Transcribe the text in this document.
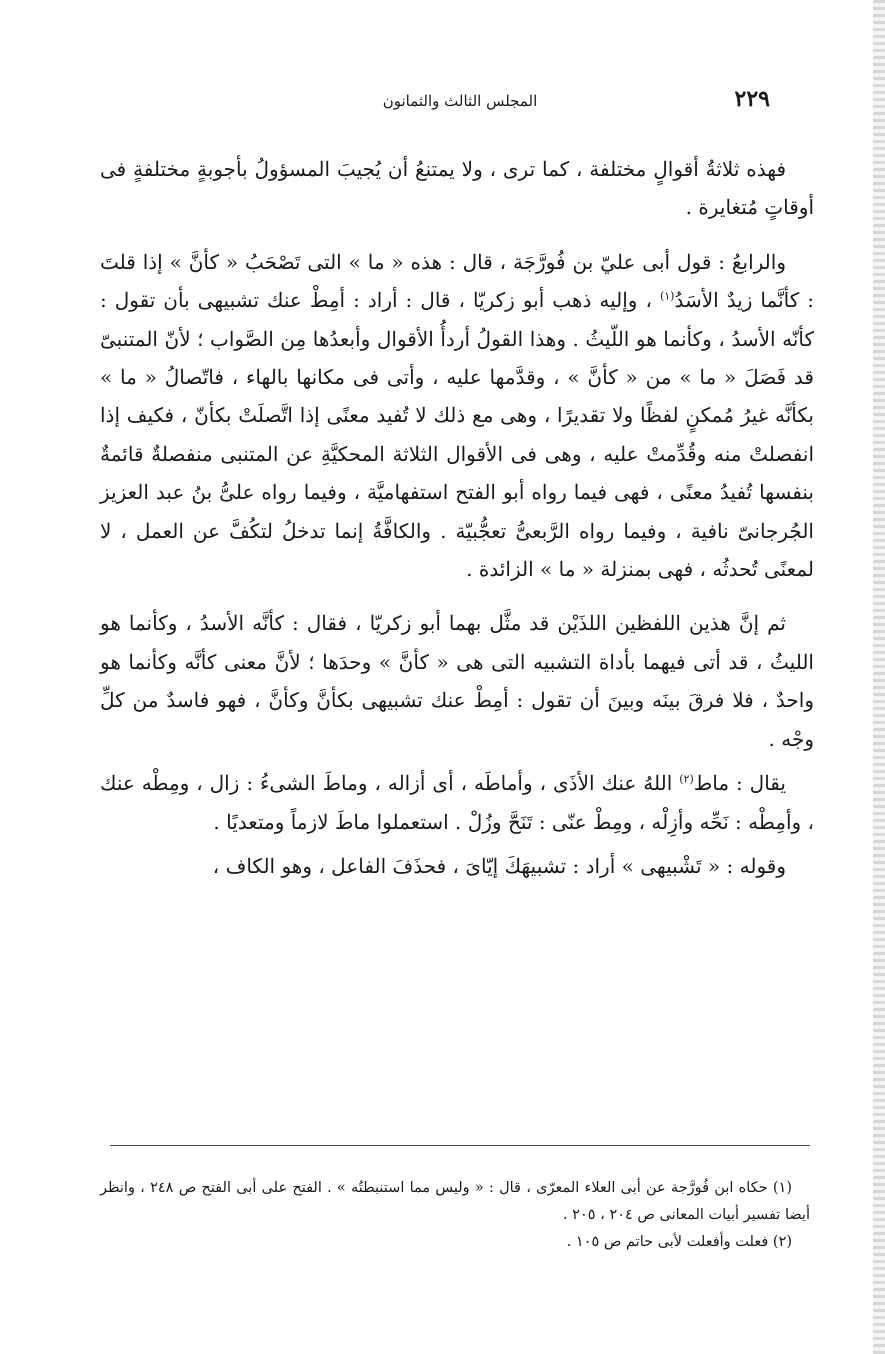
٢٢٩
المجلس الثالث والثمانون

فهذه ثلاثةُ أقوالٍ مختلفة ، كما ترى ، ولا يمتنعُ أن يُجيبَ المسؤولُ بأجوبةٍ مختلفةٍ فى أوقاتٍ مُتغايرة .

والرابعُ : قول أبى عليّ بن فُورَّجَة ، قال : هذه « ما » التى تَصْحَبُ « كأنَّ » إذا قلتَ : كأنَّما زيدٌ الأسَدُ$^{(١)}$ ، وإليه ذهب أبو زكريّا ، قال : أراد : أمِطْ عنك تشبيهى بأن تقول : كأنّه الأسدُ ، وكأنما هو اللّيثُ . وهذا القولُ أردأُ الأقوال وأبعدُها مِن الصَّواب ؛ لأنّ المتنبىّ قد فَصَلَ « ما » من « كأنَّ » ، وقدَّمها عليه ، وأتى فى مكانها بالهاء ، فاتّصالُ « ما » بكأنَّه غيرُ مُمكنٍ لفظًا ولا تقديرًا ، وهى مع ذلك لا تُفيد معنًى إذا اتَّصلَتْ بكأنّ ، فكيف إذا انفصلتْ منه وقُدِّمتْ عليه ، وهى فى الأقوال الثلاثة المحكيَّةِ عن المتنبى منفصلةٌ قائمةٌ بنفسها تُفيدُ معنًى ، فهى فيما رواه أبو الفتح استفهاميَّة ، وفيما رواه علىُّ بنُ عبد العزيز الجُرجانىّ نافية ، وفيما رواه الرَّبعىُّ تعجُّبيّة . والكافَّةُ إنما تدخلُ لتكُفَّ عن العمل ، لا لمعنًى تُحدثُه ، فهى بمنزلة « ما » الزائدة .

ثم إنَّ هذين اللفظين اللذَيْن قد مثَّل بهما أبو زكريّا ، فقال : كأنَّه الأسدُ ، وكأنما هو الليثُ ، قد أتى فيهما بأداة التشبيه التى هى « كأنَّ » وحدَها ؛ لأنَّ معنى كأنَّه وكأنما هو واحدٌ ، فلا فرقَ بينَه وبينَ أن تقول : أمِطْ عنك تشبيهى بكأنَّ وكأنَّ ، فهو فاسدٌ من كلِّ وجْه .

يقال : ماط$^{(٢)}$ اللهُ عنك الأذَى ، وأماطَه ، أى أزاله ، وماطَ الشىءُ : زال ، ومِطْه عنك ، وأمِطْه : نَحِّه وأزِلْه ، ومِطْ عنّى : تَنَحَّ وزُلْ . استعملوا ماطَ لازماً ومتعديًا .

وقوله : « تَشْبيهى » أراد : تشبيهَكَ إيّاىَ ، فحذَفَ الفاعل ، وهو الكاف ،

(١) حكاه ابن فُورَّجة عن أبى العلاء المعرّى ، قال : « وليس مما استنبطتُه » . الفتح على أبى الفتح ص ٢٤٨ ، وانظر أيضا تفسير أبيات المعانى ص ٢٠٤ ، ٢٠٥ .

(٢) فعلت وأفعلت لأبى حاتم ص ١٠٥ .
